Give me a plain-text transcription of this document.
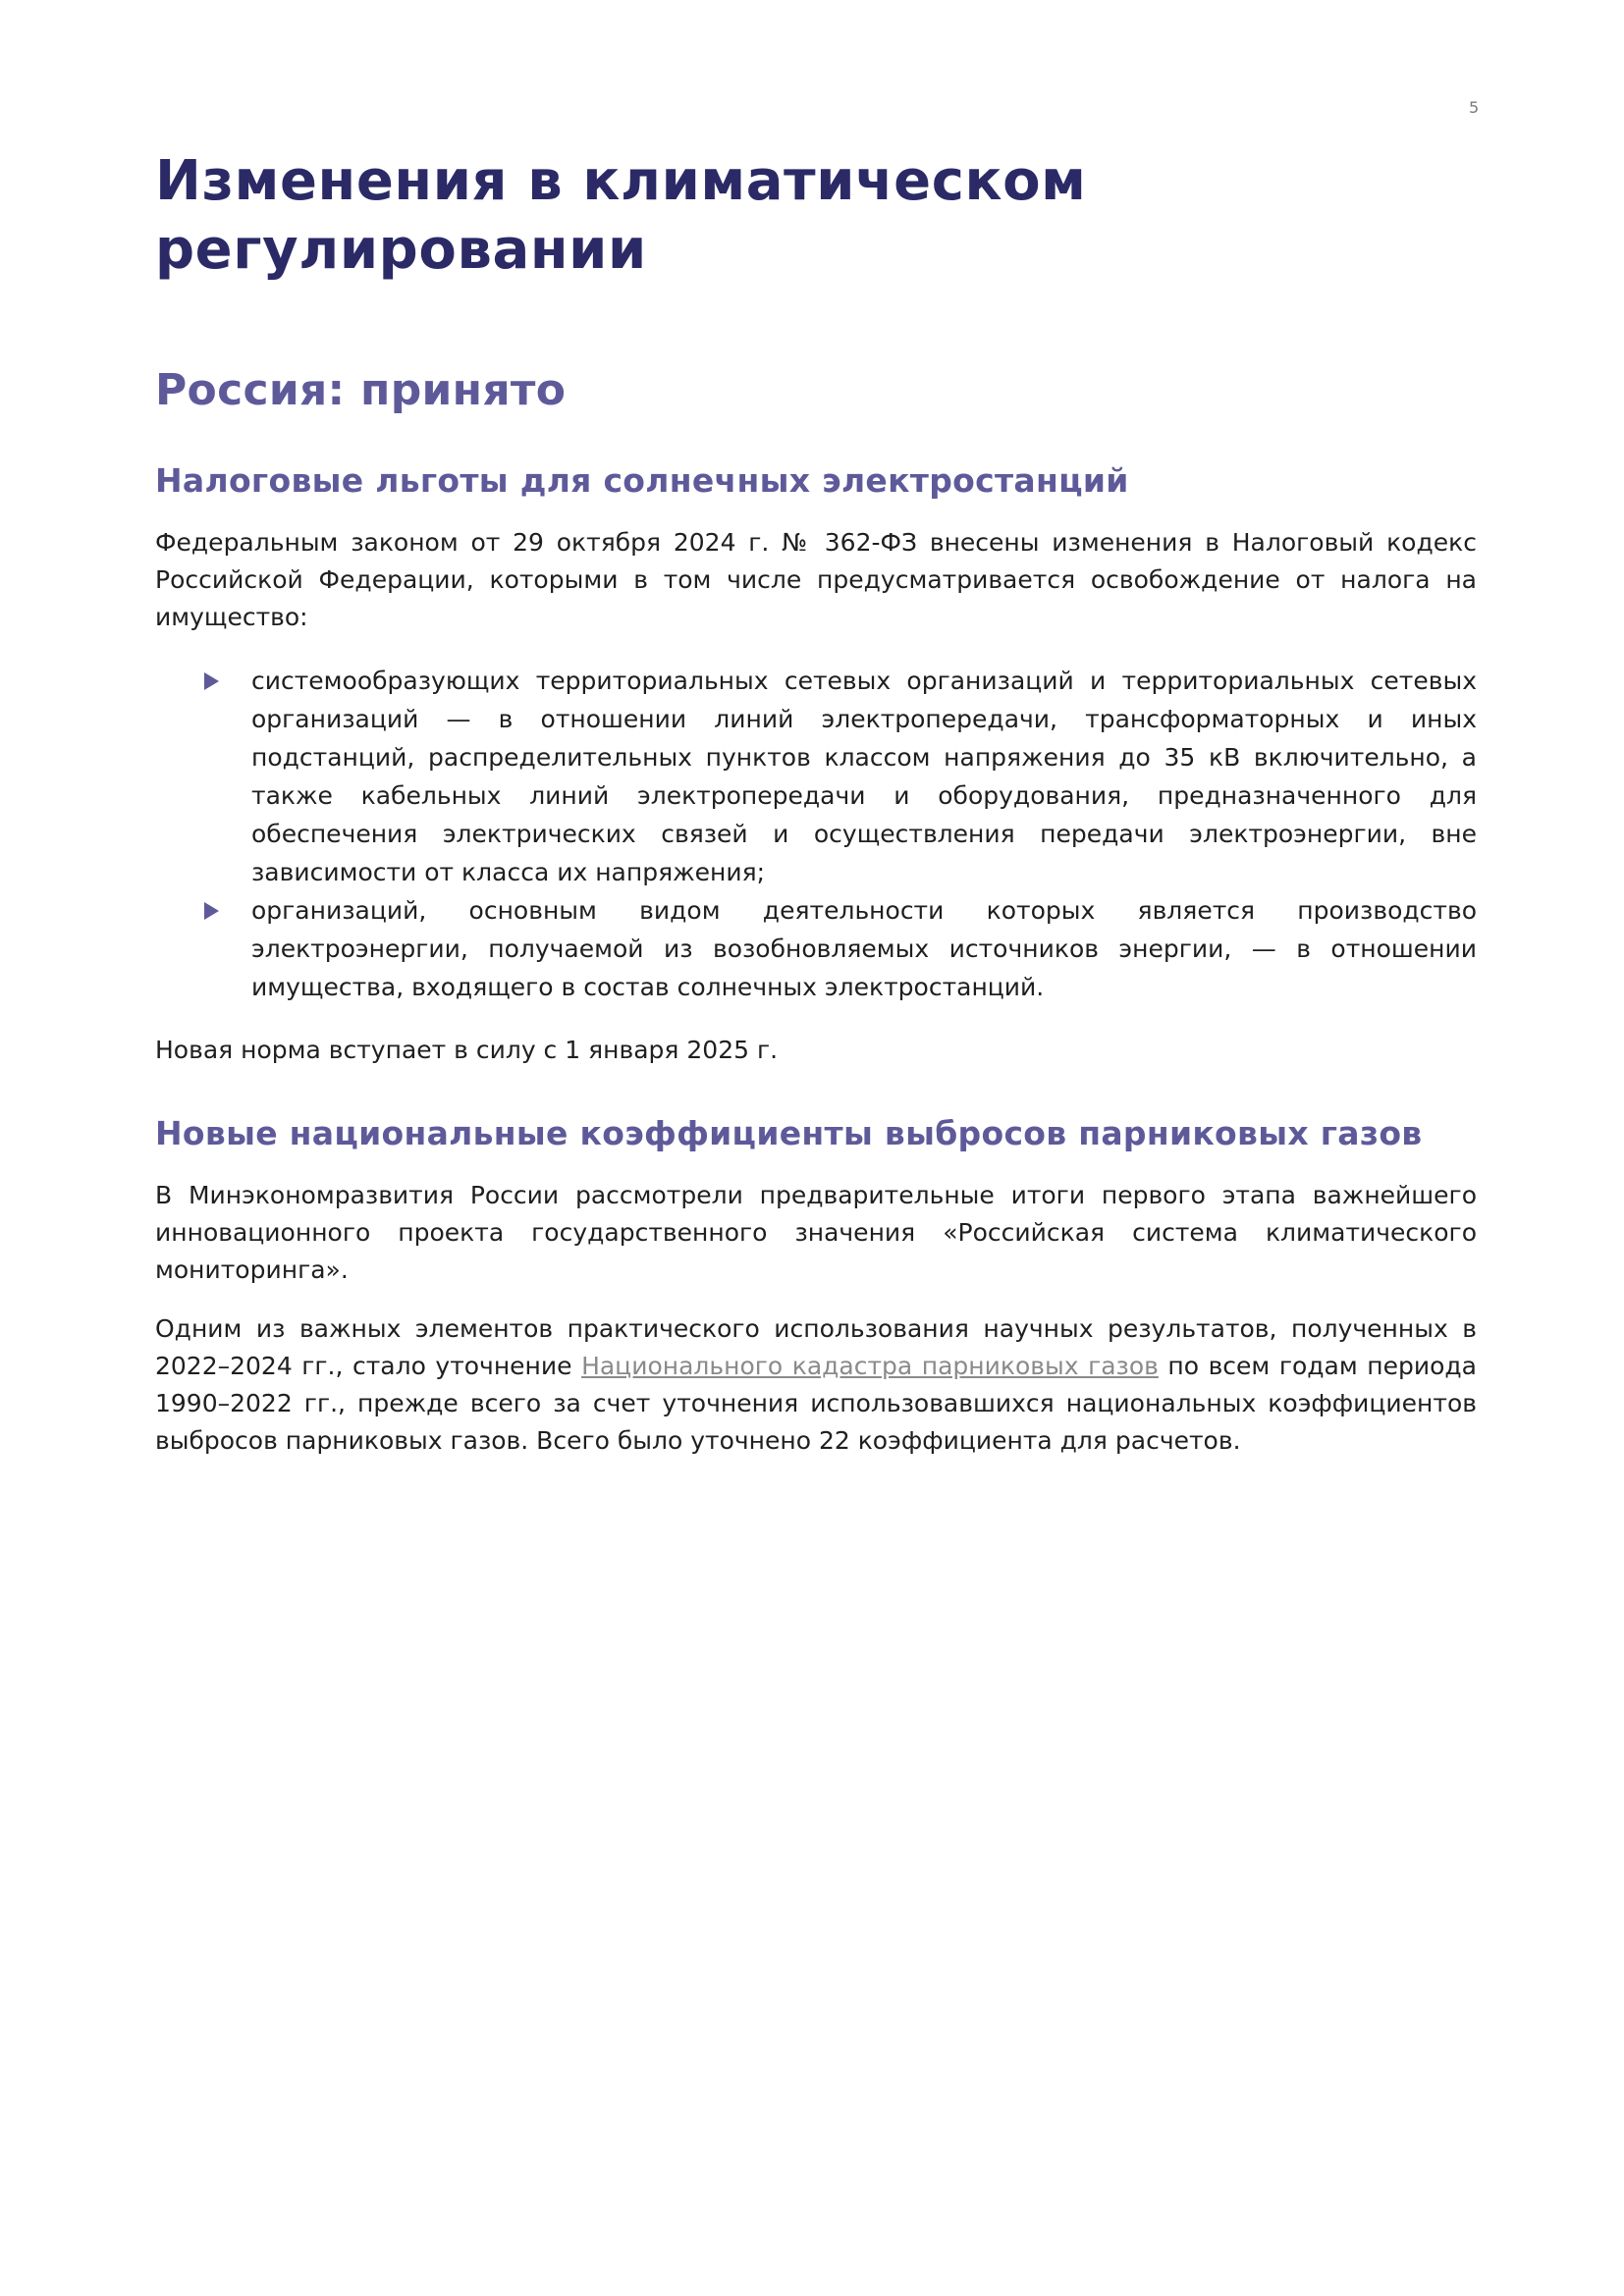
5
Изменения в климатическом регулировании
Россия: принято
Налоговые льготы для солнечных электростанций

Федеральным законом от 29 октября 2024 г. № 362-ФЗ внесены изменения в Налоговый кодекс Российской Федерации, которыми в том числе предусматривается освобождение от налога на имущество:

системообразующих территориальных сетевых организаций и территориальных сетевых организаций — в отношении линий электропередачи, трансформаторных и иных подстанций, распределительных пунктов классом напряжения до 35 кВ включительно, а также кабельных линий электропередачи и оборудования, предназначенного для обеспечения электрических связей и осуществления передачи электроэнергии, вне зависимости от класса их напряжения;
организаций, основным видом деятельности которых является производство электроэнергии, получаемой из возобновляемых источников энергии, — в отношении имущества, входящего в состав солнечных электростанций.

Новая норма вступает в силу с 1 января 2025 г.

Новые национальные коэффициенты выбросов парниковых газов

В Минэкономразвития России рассмотрели предварительные итоги первого этапа важнейшего инновационного проекта государственного значения «Российская система климатического мониторинга».

Одним из важных элементов практического использования научных результатов, полученных в 2022–2024 гг., стало уточнение Национального кадастра парниковых газов по всем годам периода 1990–2022 гг., прежде всего за счет уточнения использовавшихся национальных коэффициентов выбросов парниковых газов. Всего было уточнено 22 коэффициента для расчетов.
